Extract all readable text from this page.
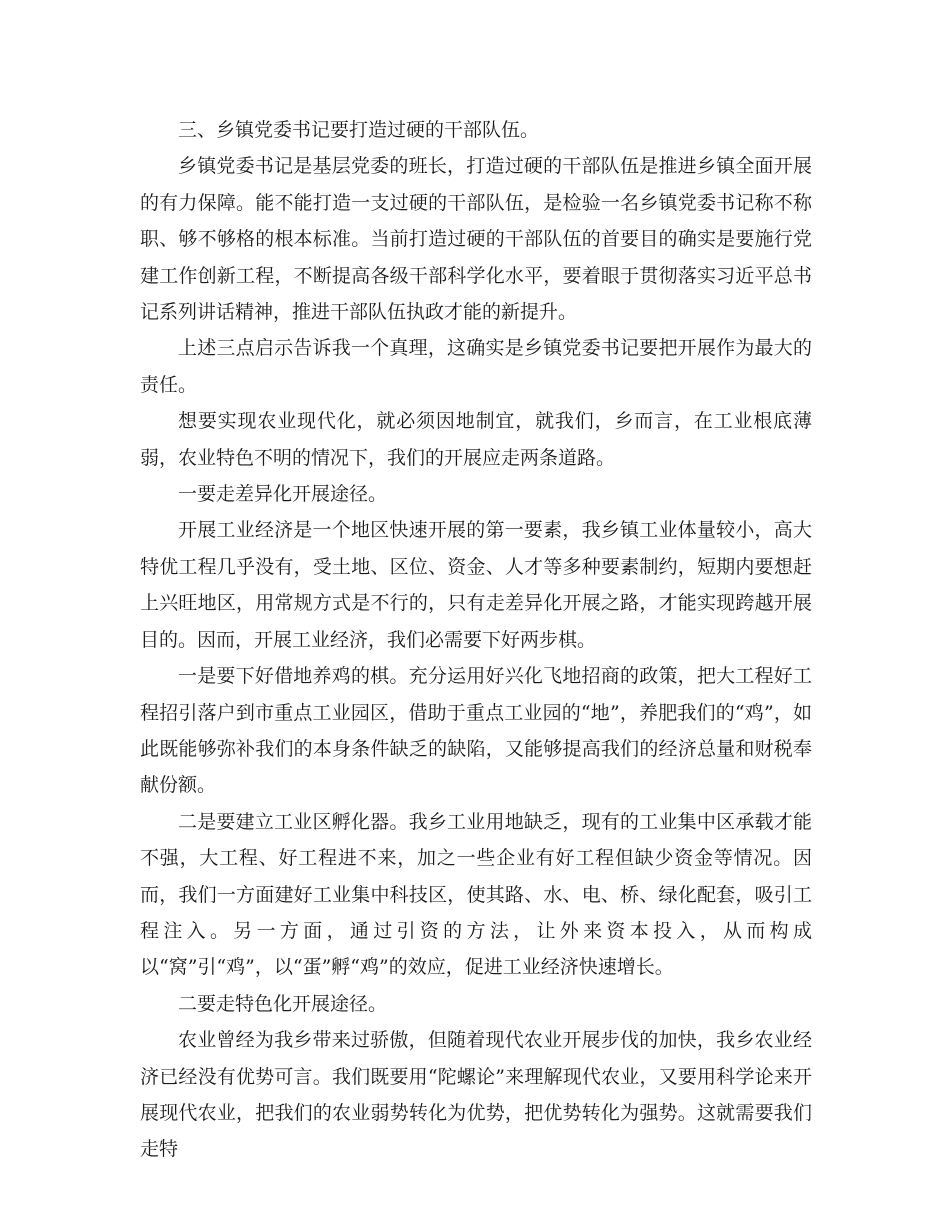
三、乡镇党委书记要打造过硬的干部队伍。

乡镇党委书记是基层党委的班长，打造过硬的干部队伍是推进乡镇全面开展的有力保障。能不能打造一支过硬的干部队伍，是检验一名乡镇党委书记称不称职、够不够格的根本标准。当前打造过硬的干部队伍的首要目的确实是要施行党建工作创新工程，不断提高各级干部科学化水平，要着眼于贯彻落实习近平总书记系列讲话精神，推进干部队伍执政才能的新提升。

上述三点启示告诉我一个真理，这确实是乡镇党委书记要把开展作为最大的责任。

想要实现农业现代化，就必须因地制宜，就我们，乡而言，在工业根底薄弱，农业特色不明的情况下，我们的开展应走两条道路。

一要走差异化开展途径。

开展工业经济是一个地区快速开展的第一要素，我乡镇工业体量较小，高大特优工程几乎没有，受土地、区位、资金、人才等多种要素制约，短期内要想赶上兴旺地区，用常规方式是不行的，只有走差异化开展之路，才能实现跨越开展目的。因而，开展工业经济，我们必需要下好两步棋。

一是要下好借地养鸡的棋。充分运用好兴化飞地招商的政策，把大工程好工程招引落户到市重点工业园区，借助于重点工业园的“地”，养肥我们的“鸡”，如此既能够弥补我们的本身条件缺乏的缺陷，又能够提高我们的经济总量和财税奉献份额。

二是要建立工业区孵化器。我乡工业用地缺乏，现有的工业集中区承载才能不强，大工程、好工程进不来，加之一些企业有好工程但缺少资金等情况。因而，我们一方面建好工业集中科技区，使其路、水、电、桥、绿化配套，吸引工程注入。另一方面，通过引资的方法，让外来资本投入，从而构成以“窝”引“鸡”，以“蛋”孵“鸡”的效应，促进工业经济快速增长。

二要走特色化开展途径。

农业曾经为我乡带来过骄傲，但随着现代农业开展步伐的加快，我乡农业经济已经没有优势可言。我们既要用“陀螺论”来理解现代农业，又要用科学论来开展现代农业，把我们的农业弱势转化为优势，把优势转化为强势。这就需要我们走特
